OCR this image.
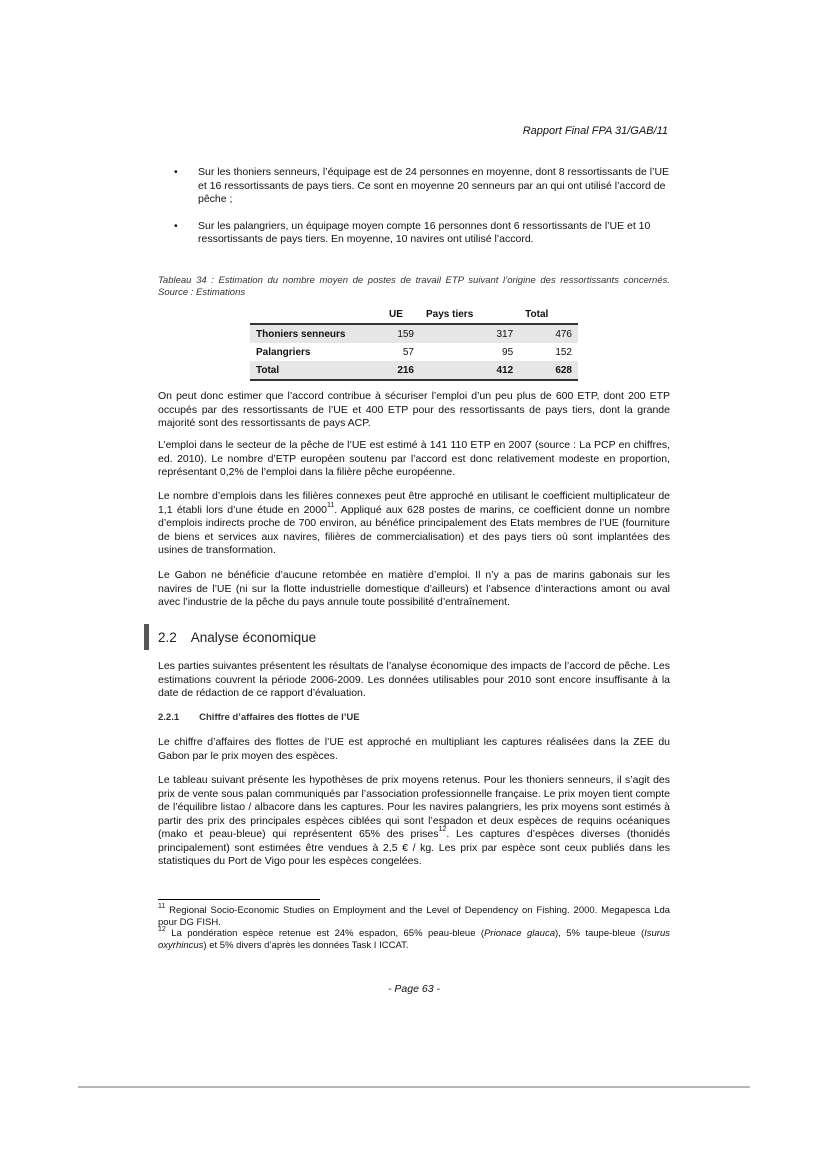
Rapport Final FPA 31/GAB/11
•	Sur les thoniers senneurs, l’équipage est de 24 personnes en moyenne, dont 8 ressortissants de l’UE et 16 ressortissants de pays tiers. Ce sont en moyenne 20 senneurs par an qui ont utilisé l’accord de pêche ;
•	Sur les palangriers, un équipage moyen compte 16 personnes dont 6 ressortissants de l’UE et 10 ressortissants de pays tiers. En moyenne, 10 navires ont utilisé l’accord.
Tableau 34 : Estimation du nombre moyen de postes de travail ETP suivant l’origine des ressortissants concernés. Source : Estimations
	UE	Pays tiers	Total
Thoniers senneurs	159	317	476
Palangriers	57	95	152
Total	216	412	628
On peut donc estimer que l’accord contribue à sécuriser l’emploi d’un peu plus de 600 ETP, dont 200 ETP occupés par des ressortissants de l’UE et 400 ETP pour des ressortissants de pays tiers, dont la grande majorité sont des ressortissants de pays ACP.
L’emploi dans le secteur de la pêche de l’UE est estimé à 141 110 ETP en 2007 (source : La PCP en chiffres, ed. 2010). Le nombre d’ETP européen soutenu par l’accord est donc relativement modeste en proportion, représentant 0,2% de l’emploi dans la filière pêche européenne.
Le nombre d’emplois dans les filières connexes peut être approché en utilisant le coefficient multiplicateur de 1,1 établi lors d’une étude en 2000$^{11}$. Appliqué aux 628 postes de marins, ce coefficient donne un nombre d’emplois indirects proche de 700 environ, au bénéfice principalement des Etats membres de l’UE (fourniture de biens et services aux navires, filières de commercialisation) et des pays tiers où sont implantées des usines de transformation.
Le Gabon ne bénéficie d’aucune retombée en matière d’emploi. Il n’y a pas de marins gabonais sur les navires de l’UE (ni sur la flotte industrielle domestique d’ailleurs) et l’absence d’interactions amont ou aval avec l’industrie de la pêche du pays annule toute possibilité d’entraînement.
2.2 Analyse économique
Les parties suivantes présentent les résultats de l’analyse économique des impacts de l’accord de pêche. Les estimations couvrent la période 2006-2009. Les données utilisables pour 2010 sont encore insuffisante à la date de rédaction de ce rapport d’évaluation.
2.2.1 Chiffre d’affaires des flottes de l’UE
Le chiffre d’affaires des flottes de l’UE est approché en multipliant les captures réalisées dans la ZEE du Gabon par le prix moyen des espèces.
Le tableau suivant présente les hypothèses de prix moyens retenus. Pour les thoniers senneurs, il s’agit des prix de vente sous palan communiqués par l’association professionnelle française. Le prix moyen tient compte de l’équilibre listao / albacore dans les captures. Pour les navires palangriers, les prix moyens sont estimés à partir des prix des principales espèces ciblées qui sont l’espadon et deux espèces de requins océaniques (mako et peau-bleue) qui représentent 65% des prises$^{12}$. Les captures d’espèces diverses (thonidés principalement) sont estimées être vendues à 2,5 € / kg. Les prix par espèce sont ceux publiés dans les statistiques du Port de Vigo pour les espèces congelées.
$^{11}$ Regional Socio-Economic Studies on Employment and the Level of Dependency on Fishing. 2000. Megapesca Lda pour DG FISH.
$^{12}$ La pondération espèce retenue est 24% espadon, 65% peau-bleue (Prionace glauca), 5% taupe-bleue (Isurus oxyrhincus) et 5% divers d’après les données Task I ICCAT.
- Page 63 -
